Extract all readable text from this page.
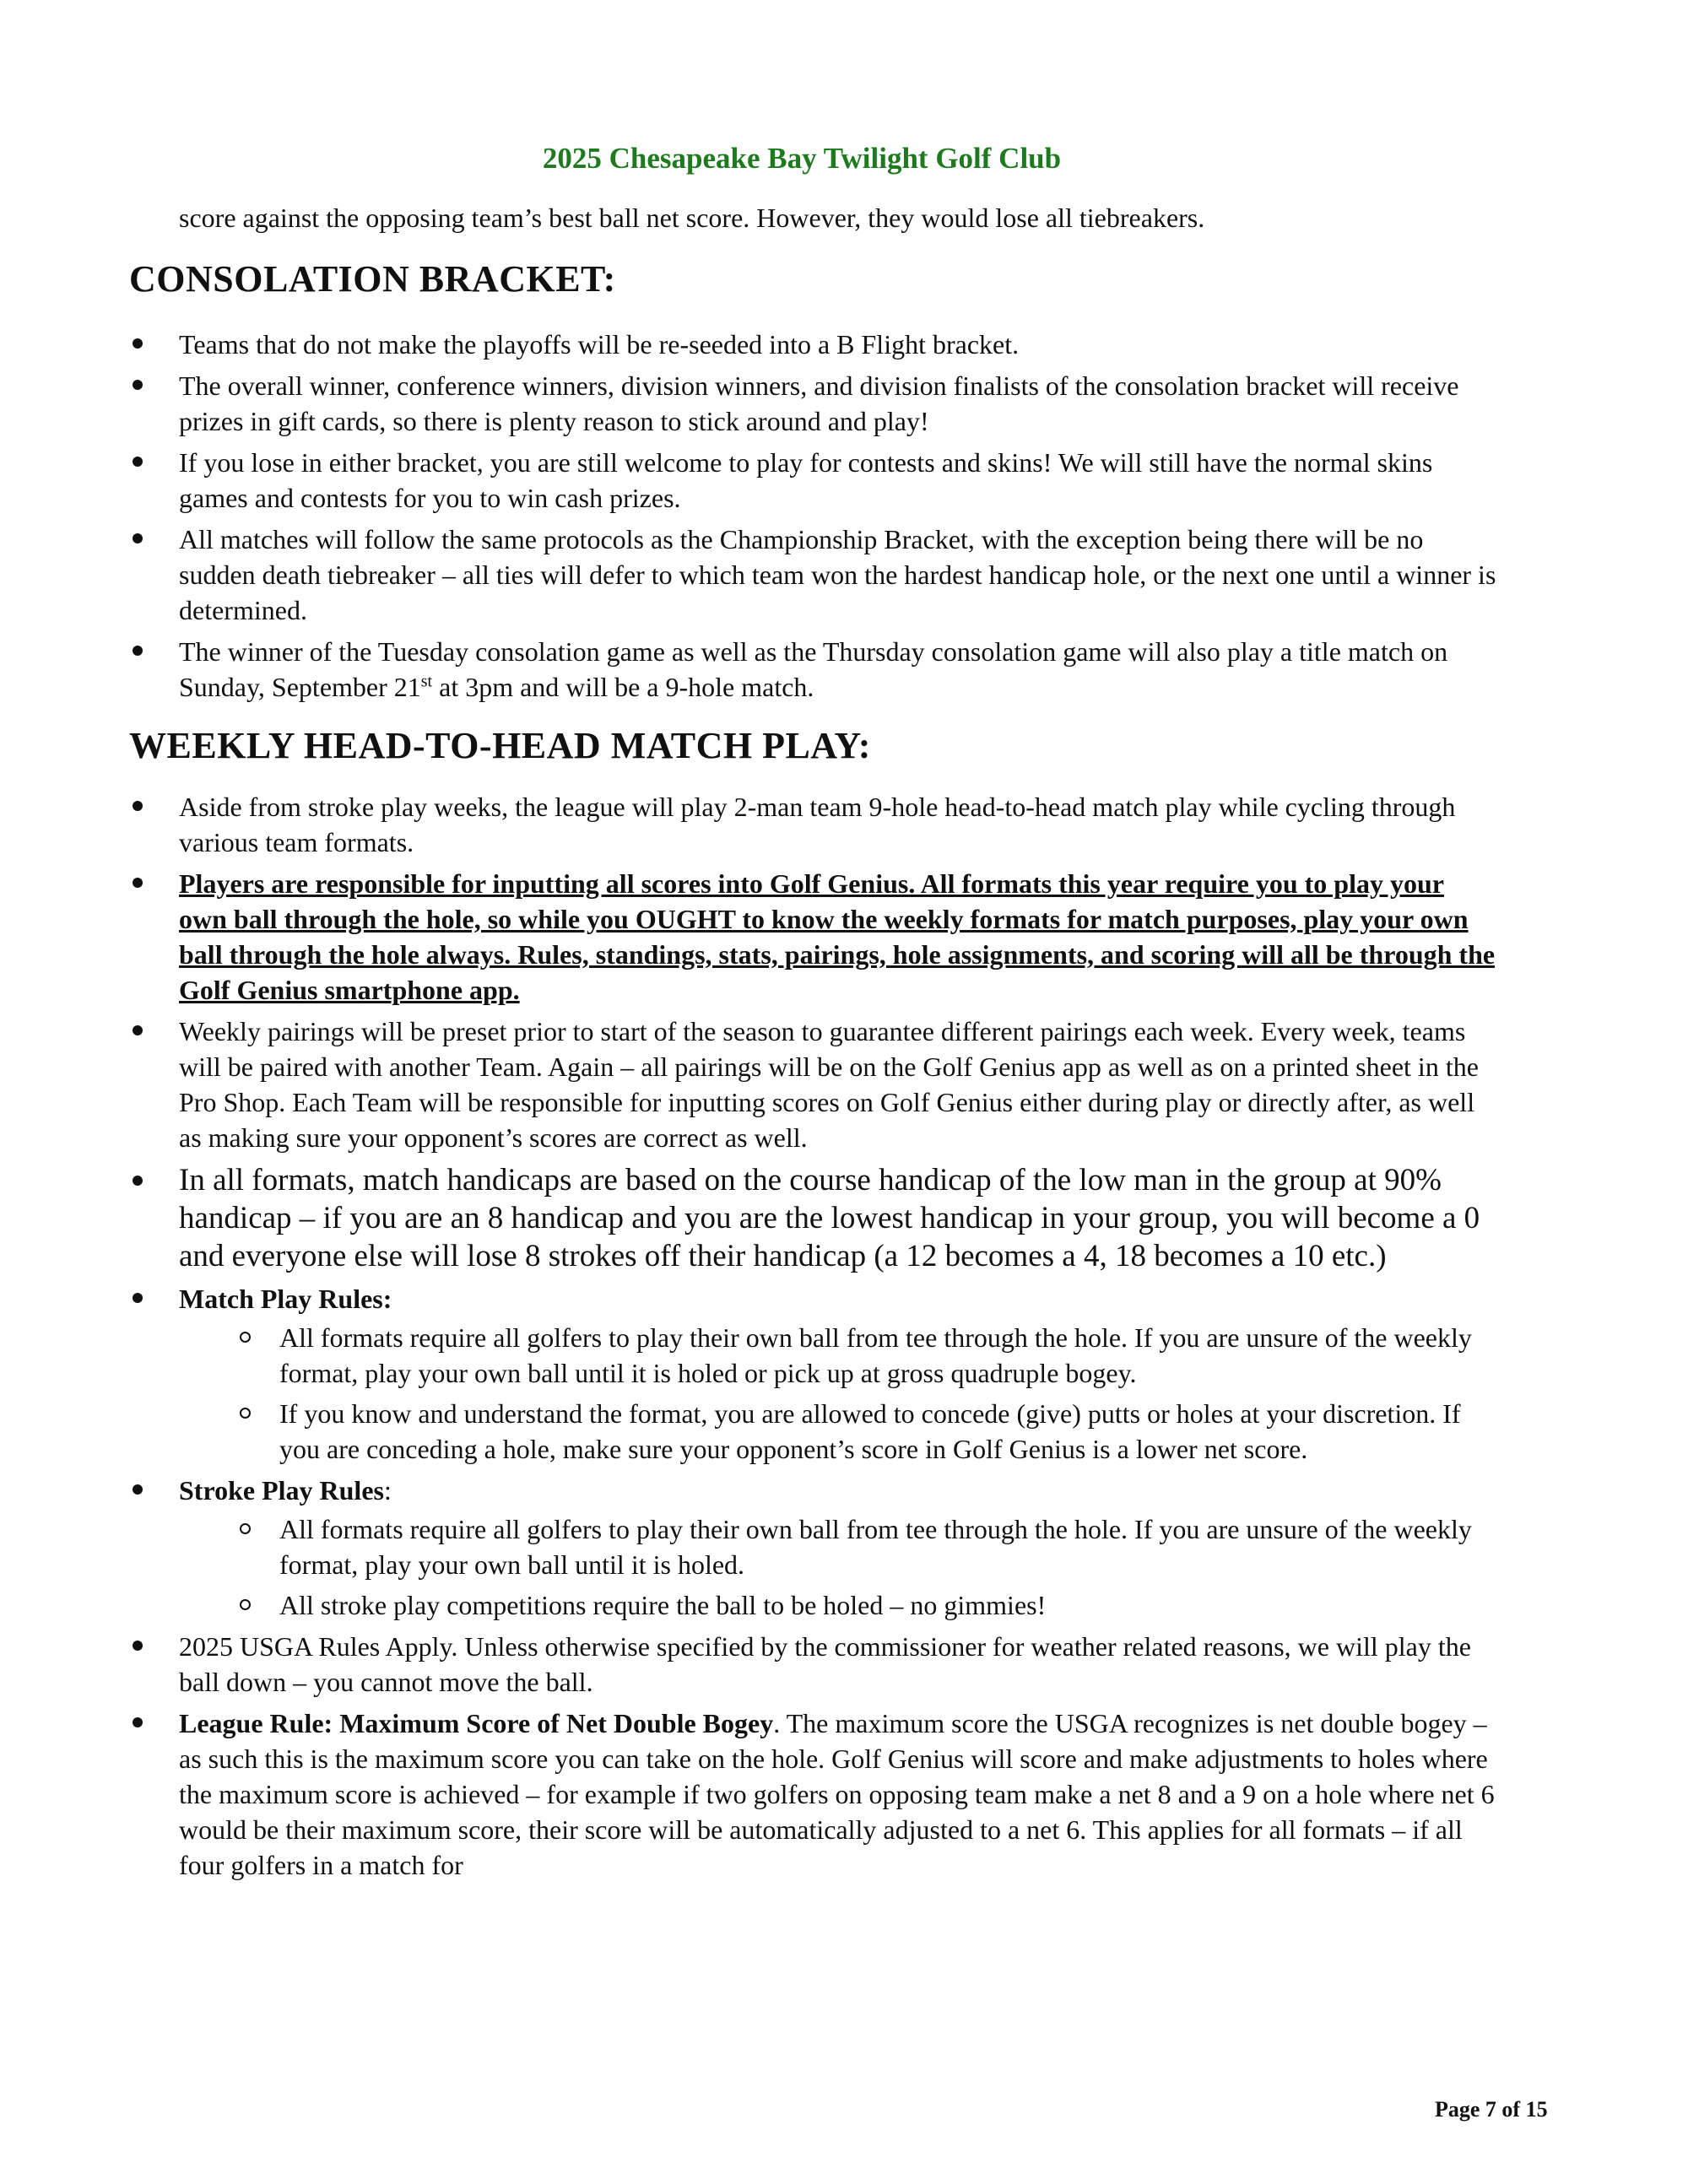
2025 Chesapeake Bay Twilight Golf Club
score against the opposing team’s best ball net score. However, they would lose all tiebreakers.
CONSOLATION BRACKET:
Teams that do not make the playoffs will be re-seeded into a B Flight bracket.
The overall winner, conference winners, division winners, and division finalists of the consolation bracket will receive prizes in gift cards, so there is plenty reason to stick around and play!
If you lose in either bracket, you are still welcome to play for contests and skins! We will still have the normal skins games and contests for you to win cash prizes.
All matches will follow the same protocols as the Championship Bracket, with the exception being there will be no sudden death tiebreaker – all ties will defer to which team won the hardest handicap hole, or the next one until a winner is determined.
The winner of the Tuesday consolation game as well as the Thursday consolation game will also play a title match on Sunday, September 21st at 3pm and will be a 9-hole match.
WEEKLY HEAD-TO-HEAD MATCH PLAY:
Aside from stroke play weeks, the league will play 2-man team 9-hole head-to-head match play while cycling through various team formats.
Players are responsible for inputting all scores into Golf Genius. All formats this year require you to play your own ball through the hole, so while you OUGHT to know the weekly formats for match purposes, play your own ball through the hole always. Rules, standings, stats, pairings, hole assignments, and scoring will all be through the Golf Genius smartphone app.
Weekly pairings will be preset prior to start of the season to guarantee different pairings each week. Every week, teams will be paired with another Team. Again – all pairings will be on the Golf Genius app as well as on a printed sheet in the Pro Shop. Each Team will be responsible for inputting scores on Golf Genius either during play or directly after, as well as making sure your opponent’s scores are correct as well.
In all formats, match handicaps are based on the course handicap of the low man in the group at 90% handicap – if you are an 8 handicap and you are the lowest handicap in your group, you will become a 0 and everyone else will lose 8 strokes off their handicap (a 12 becomes a 4, 18 becomes a 10 etc.)
Match Play Rules:
All formats require all golfers to play their own ball from tee through the hole. If you are unsure of the weekly format, play your own ball until it is holed or pick up at gross quadruple bogey.
If you know and understand the format, you are allowed to concede (give) putts or holes at your discretion. If you are conceding a hole, make sure your opponent’s score in Golf Genius is a lower net score.
Stroke Play Rules:
All formats require all golfers to play their own ball from tee through the hole. If you are unsure of the weekly format, play your own ball until it is holed.
All stroke play competitions require the ball to be holed – no gimmies!
2025 USGA Rules Apply. Unless otherwise specified by the commissioner for weather related reasons, we will play the ball down – you cannot move the ball.
League Rule: Maximum Score of Net Double Bogey. The maximum score the USGA recognizes is net double bogey – as such this is the maximum score you can take on the hole. Golf Genius will score and make adjustments to holes where the maximum score is achieved – for example if two golfers on opposing team make a net 8 and a 9 on a hole where net 6 would be their maximum score, their score will be automatically adjusted to a net 6. This applies for all formats – if all four golfers in a match for
Page 7 of 15
